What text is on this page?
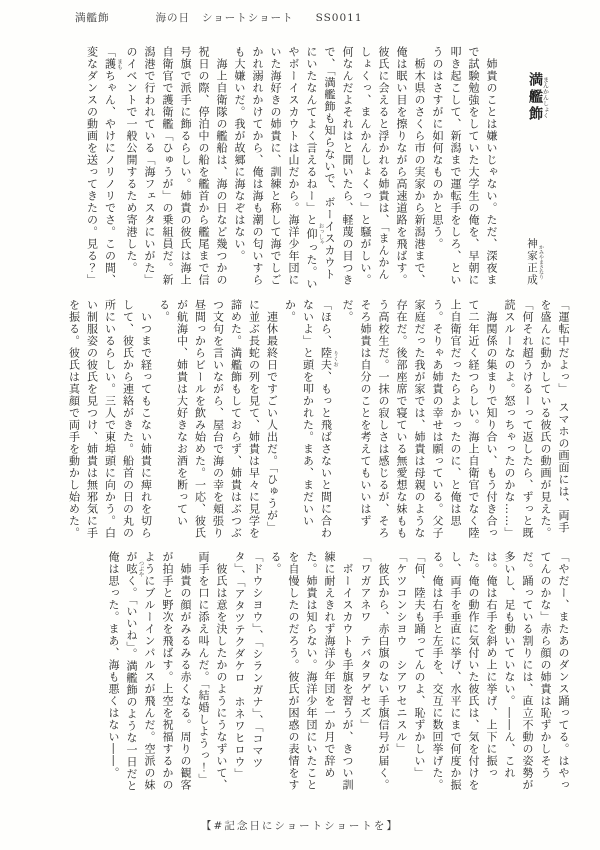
満艦飾	海の日 ショートショート SS0011

姉貴のことは嫌いじゃない。ただ、深夜まで試験勉強をしていた大学生の俺を、早朝に叩き起こして、新潟まで運転手をしろ、というのはさすがに如何なものかと思う。

栃木県のさくら市の実家から新潟港まで、俺は眠い目を擦りながら高速道路を飛ばす。彼氏に会えると浮かれる姉貴は、「まんかんしょくっ、まんかんしょくっ」と騒がしい。何なんだよそれはと聞いたら、軽蔑の目つきで、「満艦飾も知らないで、ボーイスカウトにいたなんてよく言えるねー」と仰 おっしゃった。いやボーイスカウトは山だから。海洋少年団にいた海好きの姉貴に、訓練と称して海でしごかれ溺れかけてから、俺は海も潮の匂いすらも大嫌いだ。我が故郷に海なぞはない。

海上自衛隊の艦船は、海の日など幾つかの祝日の際、停泊中の船を艦首から艦尾まで信号旗で派手に飾るらしい。姉貴の彼氏は海上自衛官で護衛艦「ひゅうが」の乗組員だ。新潟港で行われている「海フェスタにいがた」のイベントで一般公開するため寄港した。

「護 まもちゃん、やけにノリノリでさ。この間、変なダンスの動画を送ってきたの。見る？」	満艦飾まんかんしょく
神家正成 かみやまさなり

「運転中だよっ」　スマホの画面には、両手を盛んに動かしている彼氏の動画が見えた。

「何それ超うけるーって返したら、ずっと既読スルーなのよ。怒っちゃったのかな……」

海関係の集まりで知り合い、もう付き合って二年近く経つらしい。海上自衛官でなく陸上自衛官だったらよかったのに、と俺は思う。そりゃあ姉貴の幸せは願っている。父子家庭だった我が家では、姉貴は母親のような存在だ。後部座席で寝ている無愛想な妹ももう高校生だ。一抹の寂しさは感じるが、そろそろ姉貴は自分のことを考えてもいいはずだ。

「ほら、陸夫 りくお、もっと飛ばさないと間に合わないよ」と頭を叩かれた。まあ、まだいいか。

連休最終日ですごい人出だ。「ひゅうが」に並ぶ長蛇の列を見て、姉貴は早々に見学を諦めた。満艦飾もしておらず、姉貴はぶつぶつ文句を言いながら、屋台で海の幸を頬張り昼間っからビールを飲み始めた。一応、彼氏が航海中、姉貴は大好きなお酒を断っている。

いつまで経ってもこない姉貴に痺れを切らして、彼氏から連絡がきた。船首の日の丸の所にいるらしい。三人で東埠頭に向かう。白い制服姿の彼氏を見つけ、姉貴は無邪気に手を振る。彼氏は真顔で両手を動かし始めた。

「やだー、またあのダンス踊ってる。はやってんのかな」赤ら顔の姉貴は恥ずかしそうだ。踊っている割りには、直立不動の姿勢が多いし、足も動いていない。――ん、これは。俺は右手を斜め上に挙げ、上下に振った。俺の動作に気付いた彼氏は、気を付けをし、両手を垂直に挙げ、水平にまで何度か振る。俺は右手と左手を、交互に数回挙げた。

「何、陸夫も踊ってんのよ、恥ずかしい」

「ケツコンシヨウ　シアワセニスル」

彼氏から、赤白旗のない手旗信号が届く。

「ワガアネワ　テバタヲゲセズ」

ボーイスカウトも手旗を習うが、きつい訓練に耐えきれず海洋少年団を一か月で辞めた。姉貴は知らない。海洋少年団にいたことを自慢したのだろう。彼氏が困惑の表情をする。

「ドウシヨウ」、「シランガナ」、「コマツタ」、「アタツテクダケロ　ホネワヒロウ」

彼氏は意を決したかのようにうなずいて、両手を口に添え叫んだ。「結婚しようっ！」

姉貴の顔がみるみる赤くなる。周りの観客が拍手と野次を飛ばす。上空を祝福するかのようにブルーインパルスが飛んだ。空派の妹が呟 つぶやく。「いいね」。満艦飾のような一日だと俺は思った。まあ、海も悪くはない――。

【#記念日にショートショートを】
